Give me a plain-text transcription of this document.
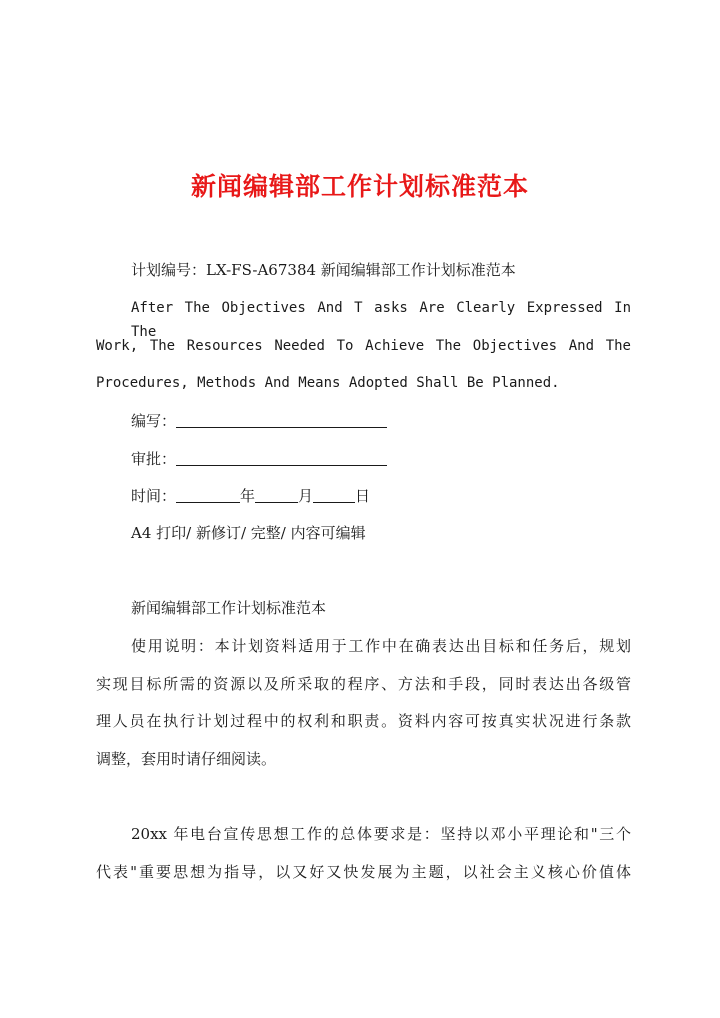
新闻编辑部工作计划标准范本
计划编号：LX-FS-A67384 新闻编辑部工作计划标准范本
After The Objectives And T asks Are Clearly Expressed In The
Work, The Resources Needed To Achieve The Objectives And The
Procedures, Methods And Means Adopted Shall Be Planned.
编写：
审批：
时间：	年	月	日
A4 打印/ 新修订/ 完整/ 内容可编辑
新闻编辑部工作计划标准范本
使用说明：本计划资料适用于工作中在确表达出目标和任务后，规划
实现目标所需的资源以及所采取的程序、方法和手段，同时表达出各级管
理人员在执行计划过程中的权利和职责。资料内容可按真实状况进行条款
调整，套用时请仔细阅读。
20xx 年电台宣传思想工作的总体要求是：坚持以邓小平理论和"三个
代表"重要思想为指导，以又好又快发展为主题，以社会主义核心价值体
